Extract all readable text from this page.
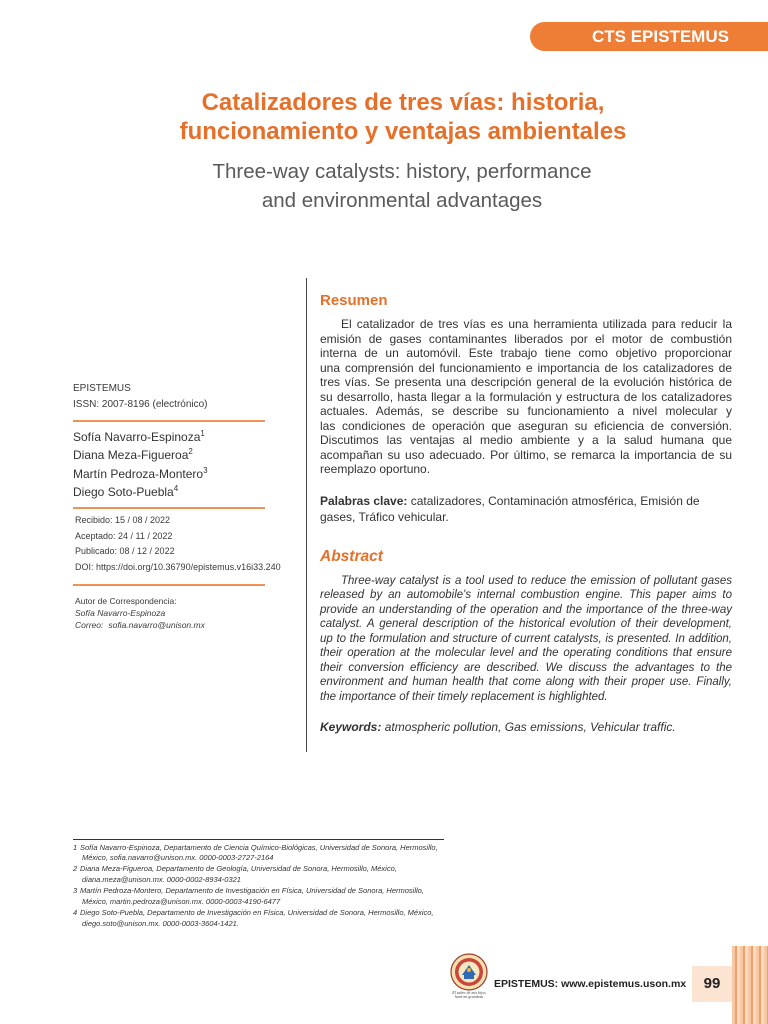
CTS EPISTEMUS
Catalizadores de tres vías: historia,
funcionamiento y ventajas ambientales
Three-way catalysts: history, performance
and environmental advantages
EPISTEMUS
ISSN: 2007-8196 (electrónico)
Sofía Navarro-Espinoza$^1$
Diana Meza-Figueroa$^2$
Martín Pedroza-Montero$^3$
Diego Soto-Puebla$^4$
Recibido: 15 / 08 / 2022
Aceptado: 24 / 11 / 2022
Publicado: 08 / 12 / 2022
DOI: https://doi.org/10.36790/epistemus.v16i33.240
Autor de Correspondencia:
Sofía Navarro-Espinoza
Correo: sofia.navarro@unison.mx
Resumen
El catalizador de tres vías es una herramienta utilizada para reducir la
emisión de gases contaminantes liberados por el motor de combustión
interna de un automóvil. Este trabajo tiene como objetivo proporcionar
una comprensión del funcionamiento e importancia de los catalizadores de
tres vías. Se presenta una descripción general de la evolución histórica de
su desarrollo, hasta llegar a la formulación y estructura de los catalizadores
actuales. Además, se describe su funcionamiento a nivel molecular y
las condiciones de operación que aseguran su eficiencia de conversión.
Discutimos las ventajas al medio ambiente y a la salud humana que
acompañan su uso adecuado. Por último, se remarca la importancia de su
reemplazo oportuno.
Palabras clave: catalizadores, Contaminación atmosférica, Emisión de
gases, Tráfico vehicular.
Abstract
Three-way catalyst is a tool used to reduce the emission of pollutant gases
released by an automobile's internal combustion engine. This paper aims to
provide an understanding of the operation and the importance of the three-way
catalyst. A general description of the historical evolution of their development,
up to the formulation and structure of current catalysts, is presented. In addition,
their operation at the molecular level and the operating conditions that ensure
their conversion efficiency are described. We discuss the advantages to the
environment and human health that come along with their proper use. Finally,
the importance of their timely replacement is highlighted.
Keywords: atmospheric pollution, Gas emissions, Vehicular traffic.
1 Sofía Navarro-Espinoza, Departamento de Ciencia Químico-Biológicas, Universidad de Sonora, Hermosillo,
México, sofia.navarro@unison.mx. 0000-0003-2727-2164
2 Diana Meza-Figueroa, Departamento de Geología, Universidad de Sonora, Hermosillo, México,
diana.meza@unison.mx. 0000-0002-8934-0321
3 Martín Pedroza-Montero, Departamento de Investigación en Física, Universidad de Sonora, Hermosillo,
México, martin.pedroza@unison.mx. 0000-0003-4190-6477
4 Diego Soto-Puebla, Departamento de Investigación en Física, Universidad de Sonora, Hermosillo, México,
diego.soto@unison.mx. 0000-0003-3604-1421.
El saber de mis hijos
hará mi grandeza
EPISTEMUS: www.epistemus.uson.mx	99
